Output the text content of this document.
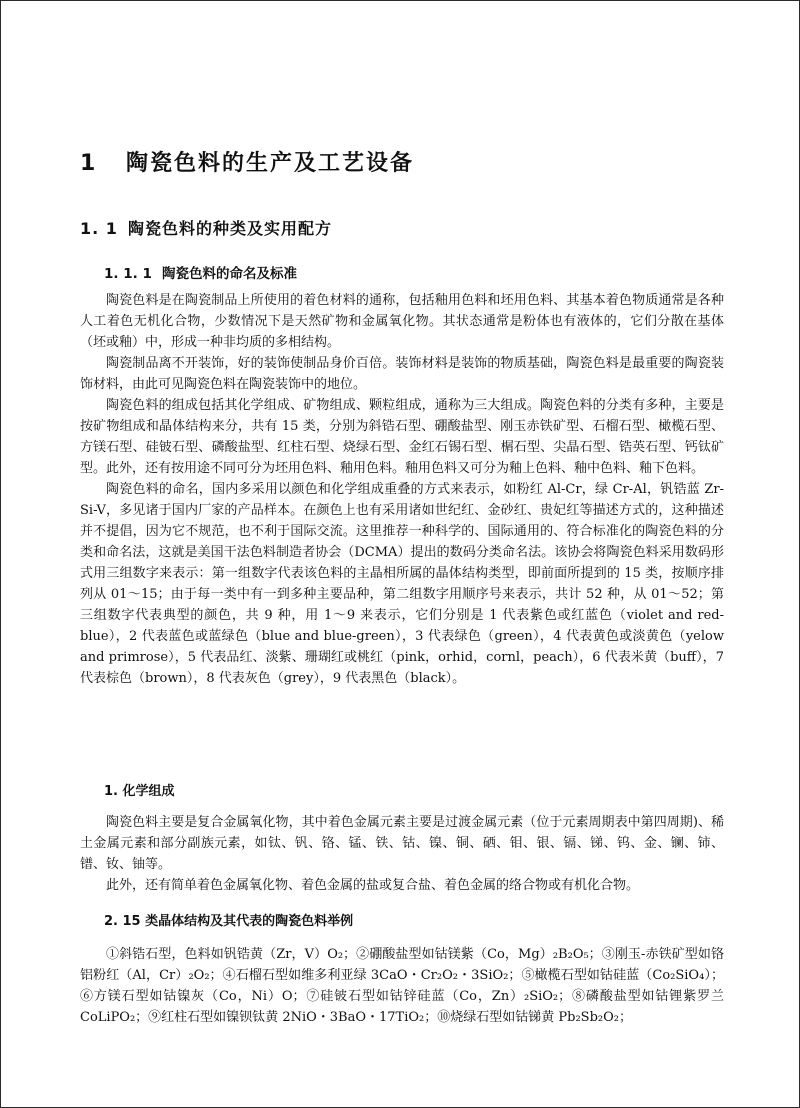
1 陶瓷色料的生产及工艺设备
1. 1 陶瓷色料的种类及实用配方
1. 1. 1 陶瓷色料的命名及标准

陶瓷色料是在陶瓷制品上所使用的着色材料的通称，包括釉用色料和坯用色料、其基本着色物质通常是各种人工着色无机化合物，少数情况下是天然矿物和金属氧化物。其状态通常是粉体也有液体的，它们分散在基体（坯或釉）中，形成一种非均质的多相结构。

陶瓷制品离不开装饰，好的装饰使制品身价百倍。装饰材料是装饰的物质基础，陶瓷色料是最重要的陶瓷装饰材料，由此可见陶瓷色料在陶瓷装饰中的地位。

陶瓷色料的组成包括其化学组成、矿物组成、颗粒组成，通称为三大组成。陶瓷色料的分类有多种，主要是按矿物组成和晶体结构来分，共有 15 类，分别为斜锆石型、硼酸盐型、刚玉赤铁矿型、石榴石型、橄榄石型、方镁石型、硅铍石型、磷酸盐型、红柱石型、烧绿石型、金红石锡石型、榍石型、尖晶石型、锆英石型、钙钛矿型。此外，还有按用途不同可分为坯用色料、釉用色料。釉用色料又可分为釉上色料、釉中色料、釉下色料。

陶瓷色料的命名，国内多采用以颜色和化学组成重叠的方式来表示，如粉红 Al-Cr，绿 Cr-Al，钒锆蓝 Zr-Si-V，多见诸于国内厂家的产品样本。在颜色上也有采用诸如世纪红、金砂红、贵妃红等描述方式的，这种描述并不提倡，因为它不规范，也不利于国际交流。这里推荐一种科学的、国际通用的、符合标准化的陶瓷色料的分类和命名法，这就是美国干法色料制造者协会（DCMA）提出的数码分类命名法。该协会将陶瓷色料采用数码形式用三组数字来表示：第一组数字代表该色料的主晶相所属的晶体结构类型，即前面所提到的 15 类，按顺序排列从 01～15；由于每一类中有一到多种主要品种，第二组数字用顺序号来表示，共计 52 种，从 01～52；第三组数字代表典型的颜色，共 9 种，用 1～9 来表示，它们分别是 1 代表紫色或红蓝色（violet and red-blue），2 代表蓝色或蓝绿色（blue and blue-green），3 代表绿色（green），4 代表黄色或淡黄色（yelow and primrose），5 代表品红、淡紫、珊瑚红或桃红（pink，orhid，cornl，peach），6 代表米黄（buff），7 代表棕色（brown），8 代表灰色（grey），9 代表黑色（black）。

1. 化学组成

陶瓷色料主要是复合金属氧化物，其中着色金属元素主要是过渡金属元素（位于元素周期表中第四周期)、稀土金属元素和部分副族元素，如钛、钒、铬、锰、铁、钴、镍、铜、硒、钼、银、镉、锑、钨、金、镧、铈、镨、钕、铀等。

此外，还有简单着色金属氧化物、着色金属的盐或复合盐、着色金属的络合物或有机化合物。

2. 15 类晶体结构及其代表的陶瓷色料举例

①斜锆石型，色料如钒锆黄（Zr，V）O₂；②硼酸盐型如钴镁紫（Co，Mg）₂B₂O₅；③刚玉-赤铁矿型如铬铝粉红（Al，Cr）₂O₂；④石榴石型如维多利亚绿 3CaO・Cr₂O₂・3SiO₂；⑤橄榄石型如钴硅蓝（Co₂SiO₄）；⑥方镁石型如钴镍灰（Co，Ni）O；⑦硅铍石型如钴锌硅蓝（Co，Zn）₂SiO₂；⑧磷酸盐型如钴锂紫罗兰 CoLiPO₂；⑨红柱石型如镍钡钛黄 2NiO・3BaO・17TiO₂；⑩烧绿石型如钴锑黄 Pb₂Sb₂O₂；
